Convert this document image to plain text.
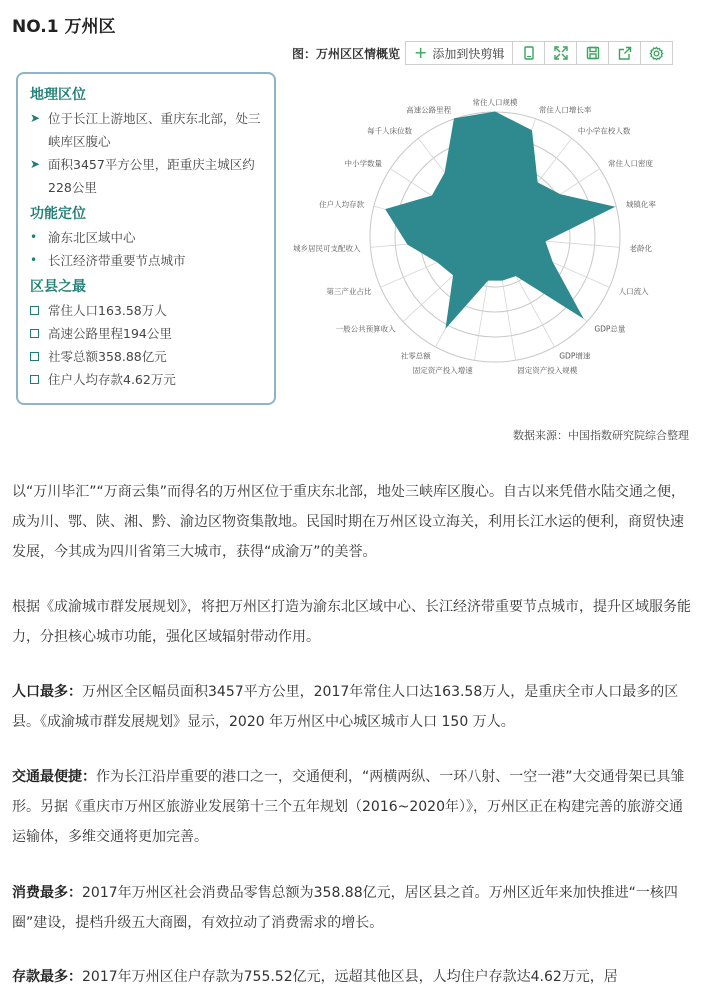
NO.1 万州区
图：万州区区情概览 + 添加到快剪辑
地理区位
➤ 位于长江上游地区、重庆东北部，处三峡库区腹心
➤ 面积3457平方公里，距重庆主城区约228公里
功能定位
• 渝东北区域中心
• 长江经济带重要节点城市
区县之最
常住人口163.58万人
高速公路里程194公里
社零总额358.88亿元
住户人均存款4.62万元
常住人口规模
常住人口增长率
中小学在校人数
常住人口密度
城镇化率
老龄化
人口流入
GDP总量
GDP增速
固定资产投入规模
固定资产投入增速
社零总额
一般公共预算收入
第三产业占比
城乡居民可支配收入
住户人均存款
中小学数量
每千人床位数
高速公路里程
数据来源：中国指数研究院综合整理
以“万川毕汇”“万商云集”而得名的万州区位于重庆东北部，地处三峡库区腹心。自古以来凭借水陆交通之便，成为川、鄂、陕、湘、黔、渝边区物资集散地。民国时期在万州区设立海关，利用长江水运的便利，商贸快速发展，今其成为四川省第三大城市，获得“成渝万”的美誉。
根据《成渝城市群发展规划》，将把万州区打造为渝东北区域中心、长江经济带重要节点城市，提升区域服务能力，分担核心城市功能，强化区域辐射带动作用。
人口最多：万州区全区幅员面积3457平方公里，2017年常住人口达163.58万人，是重庆全市人口最多的区县。《成渝城市群发展规划》显示，2020 年万州区中心城区城市人口 150 万人。
交通最便捷：作为长江沿岸重要的港口之一，交通便利，“两横两纵、一环八射、一空一港”大交通骨架已具雏形。另据《重庆市万州区旅游业发展第十三个五年规划（2016~2020年）》，万州区正在构建完善的旅游交通运输体，多维交通将更加完善。
消费最多：2017年万州区社会消费品零售总额为358.88亿元，居区县之首。万州区近年来加快推进“一核四圈”建设，提档升级五大商圈，有效拉动了消费需求的增长。
存款最多：2017年万州区住户存款为755.52亿元，远超其他区县，人均住户存款达4.62万元，居
